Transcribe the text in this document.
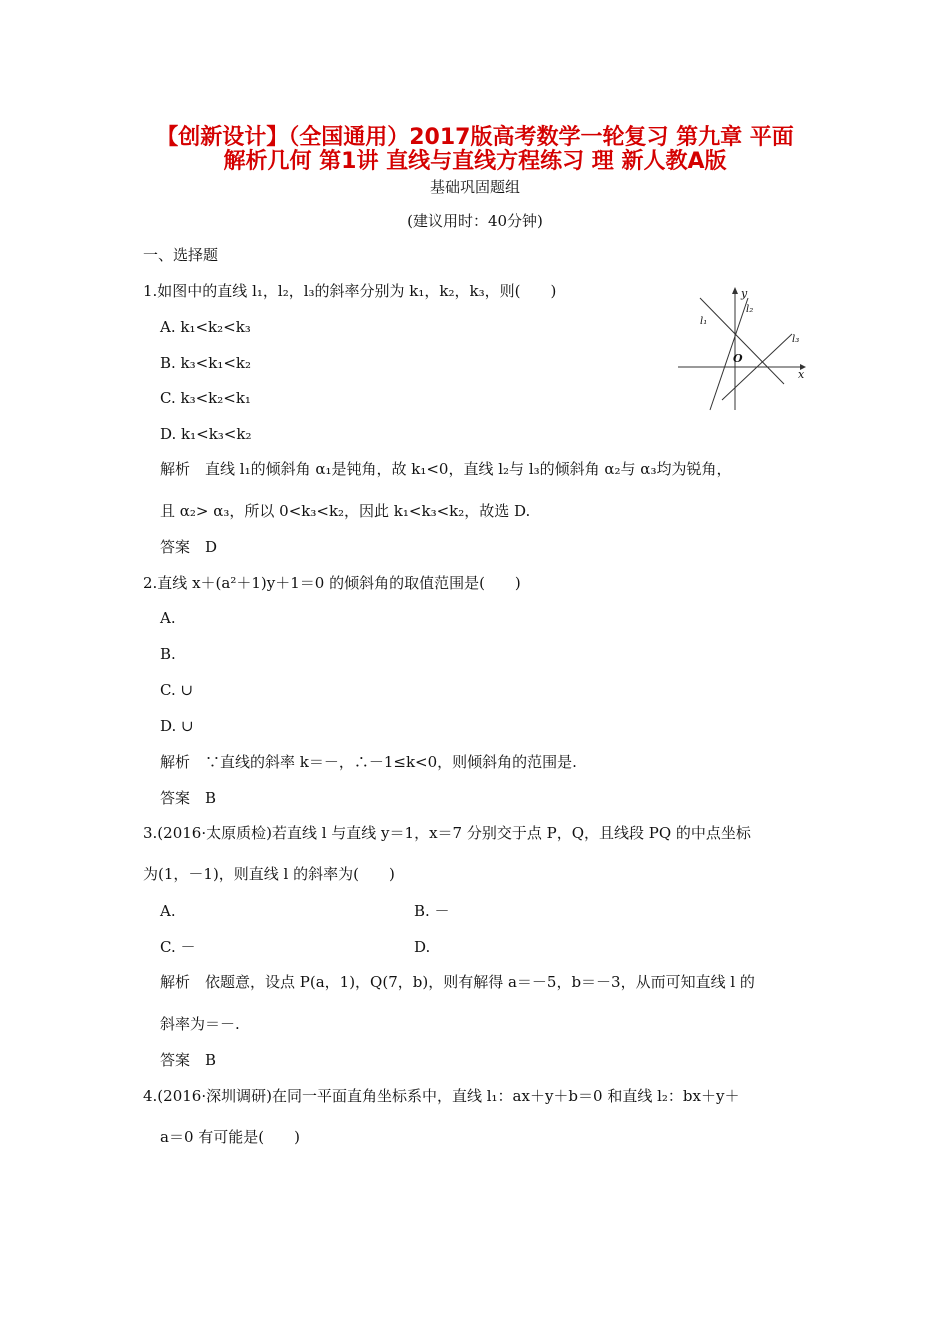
【创新设计】（全国通用）2017版高考数学一轮复习 第九章 平面
解析几何 第1讲 直线与直线方程练习 理 新人教A版
基础巩固题组
(建议用时：40分钟)
一、选择题
1.如图中的直线 l₁，l₂，l₃的斜率分别为 k₁，k₂，k₃，则(　　)
A. k₁<k₂<k₃
B. k₃<k₁<k₂
C. k₃<k₂<k₁
D. k₁<k₃<k₂
解析　直线 l₁的倾斜角 α₁是钝角，故 k₁<0，直线 l₂与 l₃的倾斜角 α₂与 α₃均为锐角，
且 α₂> α₃，所以 0<k₃<k₂，因此 k₁<k₃<k₂，故选 D.
答案　D
y
x
O
l₁
l₂
l₃
2.直线 x＋(a²＋1)y＋1＝0 的倾斜角的取值范围是(　　)
A.
B.
C. ∪
D. ∪
解析　∵直线的斜率 k＝－，∴－1≤k<0，则倾斜角的范围是.
答案　B
3.(2016·太原质检)若直线 l 与直线 y＝1，x＝7 分别交于点 P，Q，且线段 PQ 的中点坐标
为(1，－1)，则直线 l 的斜率为(　　)
A.	B. －
C. －	D.
解析　依题意，设点 P(a，1)，Q(7，b)，则有解得 a＝－5，b＝－3，从而可知直线 l 的
斜率为＝－.
答案　B
4.(2016·深圳调研)在同一平面直角坐标系中，直线 l₁：ax＋y＋b＝0 和直线 l₂：bx＋y＋
a＝0 有可能是(　　)
